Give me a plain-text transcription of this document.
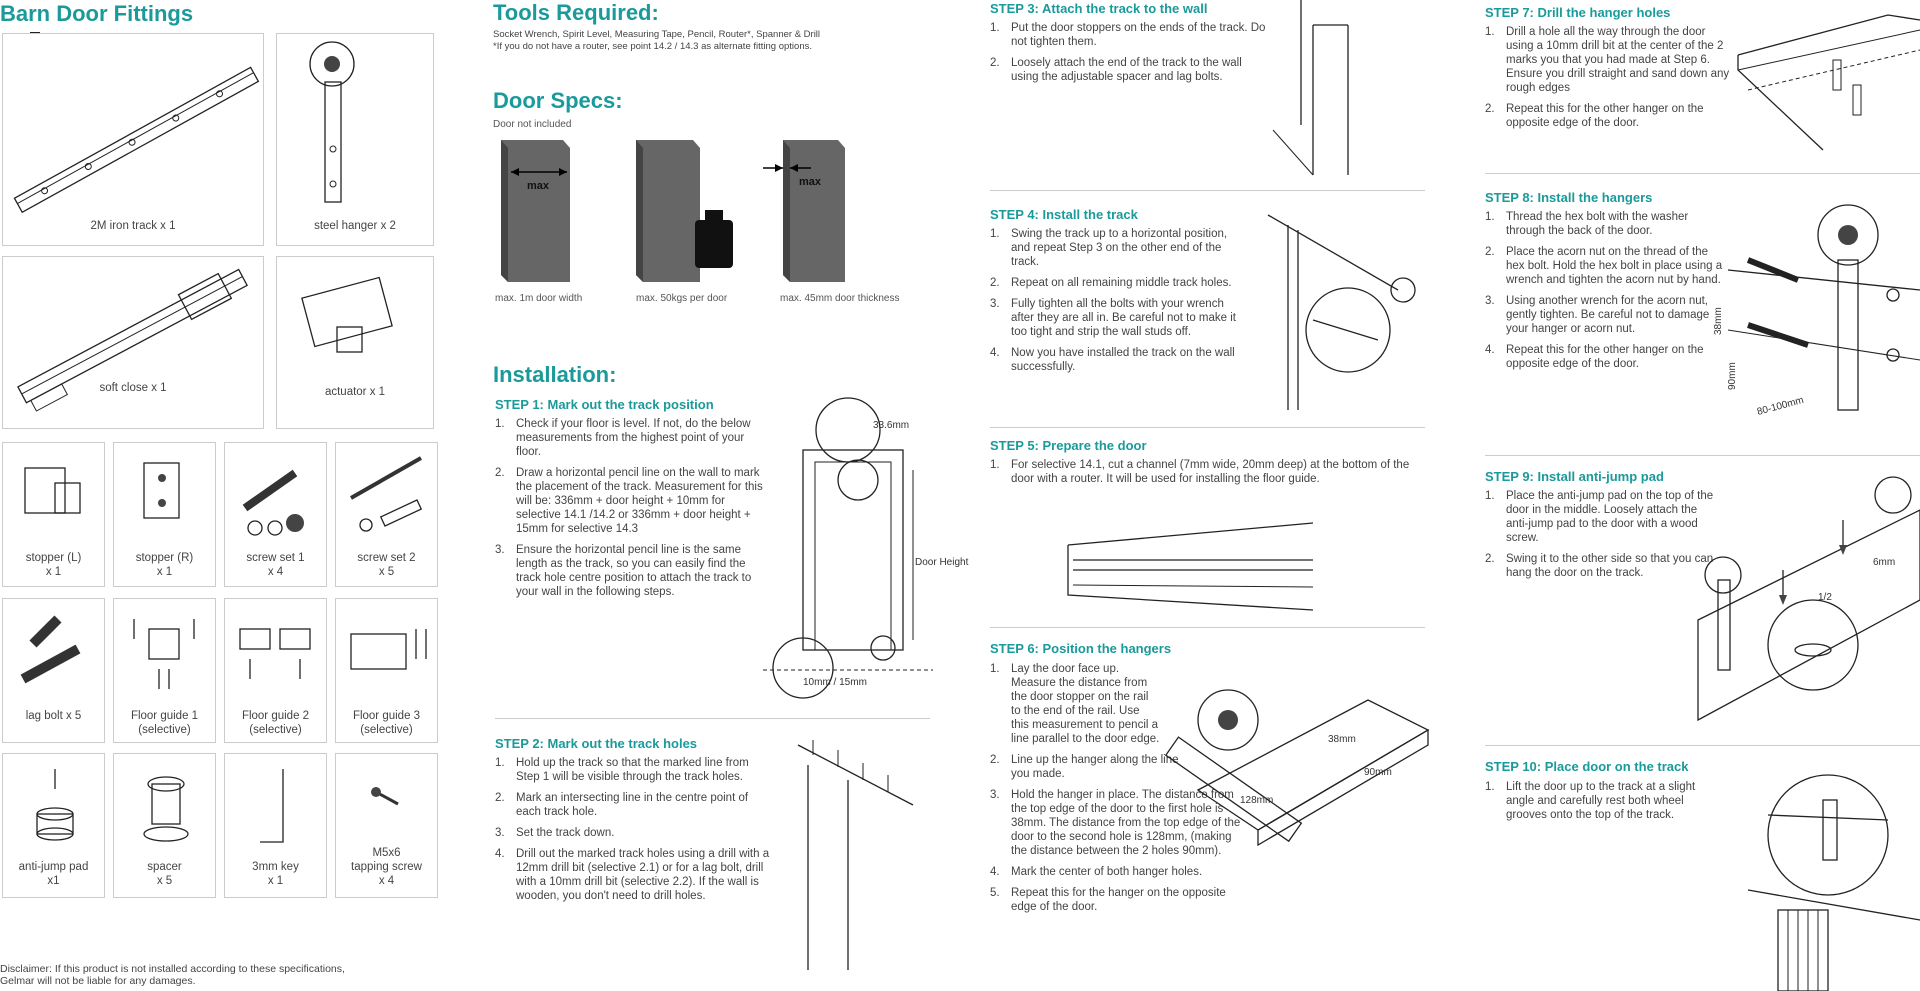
Barn Door Fittings
2M iron track x 1	steel hanger x 2
soft close x 1	actuator x 1
stopper (L)
x 1
stopper (R)
x 1
screw set 1
x 4
screw set 2
x 5
lag bolt x 5	Floor guide 1
(selective)
Floor guide 2
(selective)
Floor guide 3
(selective)
anti-jump pad
x1
spacer
x 5
3mm key
x 1
M5x6
tapping screw
x 4
Disclaimer: If this product is not installed according to these specifications,
Gelmar will not be liable for any damages.
Tools Required:
Socket Wrench, Spirit Level, Measuring Tape, Pencil, Router*, Spanner & Drill
*If you do not have a router, see point 14.2 / 14.3 as alternate fitting options.
Door Specs:
Door not included
max	max
max. 1m door width	max. 50kgs per door	max. 45mm door thickness
Installation:
STEP 1: Mark out the track position
1. Check if your floor is level. If not, do the below measurements from the highest point of your floor.
2. Draw a horizontal pencil line on the wall to mark the placement of the track. Measurement for this will be: 336mm + door height + 10mm for selective 14.1 /14.2 or 336mm + door height + 15mm for selective 14.3
3. Ensure the horizontal pencil line is the same length as the track, so you can easily find the track hole centre position to attach the track to your wall in the following steps.
Door Height
33.6mm
10mm / 15mm
STEP 2: Mark out the track holes
1. Hold up the track so that the marked line from Step 1 will be visible through the track holes.
2. Mark an intersecting line in the centre point of each track hole.
3. Set the track down.
4. Drill out the marked track holes using a drill with a 12mm drill bit (selective 2.1) or for a lag bolt, drill with a 10mm drill bit (selective 2.2). If the wall is wooden, you don't need to drill holes.
STEP 3: Attach the track to the wall
1. Put the door stoppers on the ends of the track. Do not tighten them.
2. Loosely attach the end of the track to the wall using the adjustable spacer and lag bolts.
STEP 4: Install the track
1. Swing the track up to a horizontal position, and repeat Step 3 on the other end of the track.
2. Repeat on all remaining middle track holes.
3. Fully tighten all the bolts with your wrench after they are all in. Be careful not to make it too tight and strip the wall studs off.
4. Now you have installed the track on the wall successfully.
STEP 5: Prepare the door
1. For selective 14.1, cut a channel (7mm wide, 20mm deep) at the bottom of the door with a router. It will be used for installing the floor guide.
STEP 6: Position the hangers
1. Lay the door face up. Measure the distance from the door stopper on the rail to the end of the rail. Use this measurement to pencil a line parallel to the door edge.
2. Line up the hanger along the line you made.
3. Hold the hanger in place. The distance from the top edge of the door to the first hole is 38mm. The distance from the top edge of the door to the second hole is 128mm, (making the distance between the 2 holes 90mm).
4. Mark the center of both hanger holes.
5. Repeat this for the hanger on the opposite edge of the door.
38mm
90mm
128mm
STEP 7: Drill the hanger holes
1. Drill a hole all the way through the door using a 10mm drill bit at the center of the 2 marks you that you had made at Step 6. Ensure you drill straight and sand down any rough edges
2. Repeat this for the other hanger on the opposite edge of the door.
STEP 8: Install the hangers
1. Thread the hex bolt with the washer through the back of the door.
2. Place the acorn nut on the thread of the hex bolt. Hold the hex bolt in place using a wrench and tighten the acorn nut by hand.
3. Using another wrench for the acorn nut, gently tighten. Be careful not to damage your hanger or acorn nut.
4. Repeat this for the other hanger on the opposite edge of the door.
38mm
90mm
80-100mm
STEP 9: Install anti-jump pad
1. Place the anti-jump pad on the top of the door in the middle. Loosely attach the anti-jump pad to the door with a wood screw.
2. Swing it to the other side so that you can hang the door on the track.
1/2
6mm
STEP 10: Place door on the track
1. Lift the door up to the track at a slight angle and carefully rest both wheel grooves onto the top of the track.
